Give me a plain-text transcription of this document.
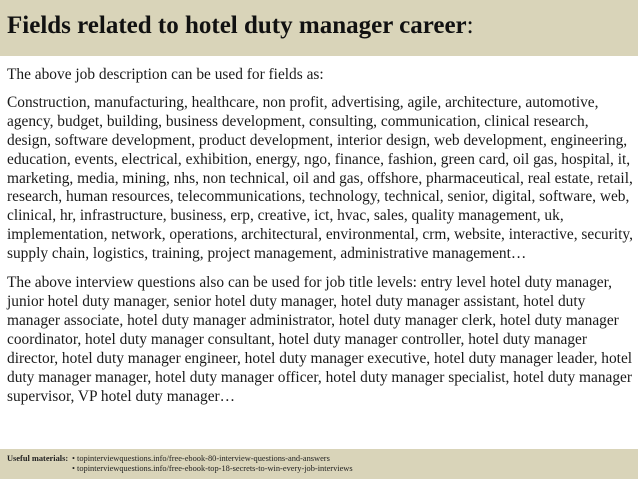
Fields related to hotel duty manager career:

The above job description can be used for fields as:

Construction, manufacturing, healthcare, non profit, advertising, agile, architecture, automotive, agency, budget, building, business development, consulting, communication, clinical research, design, software development, product development, interior design, web development, engineering, education, events, electrical, exhibition, energy, ngo, finance, fashion, green card, oil gas, hospital, it, marketing, media, mining, nhs, non technical, oil and gas, offshore, pharmaceutical, real estate, retail, research, human resources, telecommunications, technology, technical, senior, digital, software, web, clinical, hr, infrastructure, business, erp, creative, ict, hvac, sales, quality management, uk, implementation, network, operations, architectural, environmental, crm, website, interactive, security, supply chain, logistics, training, project management, administrative management…

The above interview questions also can be used for job title levels: entry level hotel duty manager, junior hotel duty manager, senior hotel duty manager, hotel duty manager assistant, hotel duty manager associate, hotel duty manager administrator, hotel duty manager clerk, hotel duty manager coordinator, hotel duty manager consultant, hotel duty manager controller, hotel duty manager director, hotel duty manager engineer, hotel duty manager executive, hotel duty manager leader, hotel duty manager manager, hotel duty manager officer, hotel duty manager specialist, hotel duty manager supervisor, VP hotel duty manager…

Useful materials: • topinterviewquestions.info/free-ebook-80-interview-questions-and-answers
• topinterviewquestions.info/free-ebook-top-18-secrets-to-win-every-job-interviews
